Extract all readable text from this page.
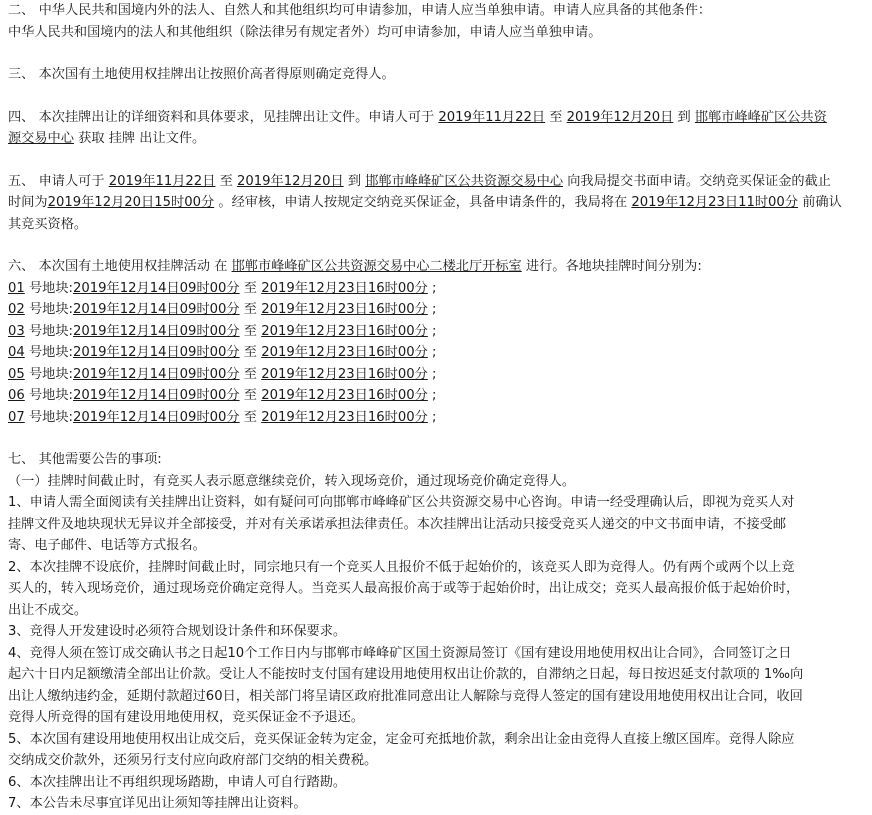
二、 中华人民共和国境内外的法人、自然人和其他组织均可申请参加，申请人应当单独申请。申请人应具备的其他条件：
中华人民共和国境内的法人和其他组织（除法律另有规定者外）均可申请参加，申请人应当单独申请。
三、 本次国有土地使用权挂牌出让按照价高者得原则确定竞得人。
四、 本次挂牌出让的详细资料和具体要求，见挂牌出让文件。申请人可于 2019年11月22日 至 2019年12月20日 到 邯郸市峰峰矿区公共资
源交易中心 获取 挂牌 出让文件。
五、 申请人可于 2019年11月22日 至 2019年12月20日 到 邯郸市峰峰矿区公共资源交易中心 向我局提交书面申请。交纳竞买保证金的截止
时间为2019年12月20日15时00分 。经审核，申请人按规定交纳竞买保证金，具备申请条件的，我局将在 2019年12月23日11时00分 前确认
其竞买资格。
六、 本次国有土地使用权挂牌活动 在 邯郸市峰峰矿区公共资源交易中心二楼北厅开标室 进行。各地块挂牌时间分别为:
01 号地块:2019年12月14日09时00分 至 2019年12月23日16时00分 ;
02 号地块:2019年12月14日09时00分 至 2019年12月23日16时00分 ;
03 号地块:2019年12月14日09时00分 至 2019年12月23日16时00分 ;
04 号地块:2019年12月14日09时00分 至 2019年12月23日16时00分 ;
05 号地块:2019年12月14日09时00分 至 2019年12月23日16时00分 ;
06 号地块:2019年12月14日09时00分 至 2019年12月23日16时00分 ;
07 号地块:2019年12月14日09时00分 至 2019年12月23日16时00分 ;
七、 其他需要公告的事项:
（一）挂牌时间截止时，有竞买人表示愿意继续竞价，转入现场竞价，通过现场竞价确定竞得人。
1、申请人需全面阅读有关挂牌出让资料，如有疑问可向邯郸市峰峰矿区公共资源交易中心咨询。申请一经受理确认后，即视为竞买人对
挂牌文件及地块现状无异议并全部接受，并对有关承诺承担法律责任。本次挂牌出让活动只接受竞买人递交的中文书面申请，不接受邮
寄、电子邮件、电话等方式报名。
2、本次挂牌不设底价，挂牌时间截止时，同宗地只有一个竞买人且报价不低于起始价的，该竞买人即为竞得人。仍有两个或两个以上竞
买人的，转入现场竞价，通过现场竞价确定竞得人。当竞买人最高报价高于或等于起始价时，出让成交；竞买人最高报价低于起始价时，
出让不成交。
3、竞得人开发建设时必须符合规划设计条件和环保要求。
4、竞得人须在签订成交确认书之日起10个工作日内与邯郸市峰峰矿区国土资源局签订《国有建设用地使用权出让合同》，合同签订之日
起六十日内足额缴清全部出让价款。受让人不能按时支付国有建设用地使用权出让价款的，自滞纳之日起，每日按迟延支付款项的 1‰向
出让人缴纳违约金，延期付款超过60日，相关部门将呈请区政府批准同意出让人解除与竞得人签定的国有建设用地使用权出让合同，收回
竞得人所竞得的国有建设用地使用权，竞买保证金不予退还。
5、本次国有建设用地使用权出让成交后，竞买保证金转为定金，定金可充抵地价款，剩余出让金由竞得人直接上缴区国库。竞得人除应
交纳成交价款外，还须另行支付应向政府部门交纳的相关费税。
6、本次挂牌出让不再组织现场踏勘，申请人可自行踏勘。
7、本公告未尽事宜详见出让须知等挂牌出让资料。
